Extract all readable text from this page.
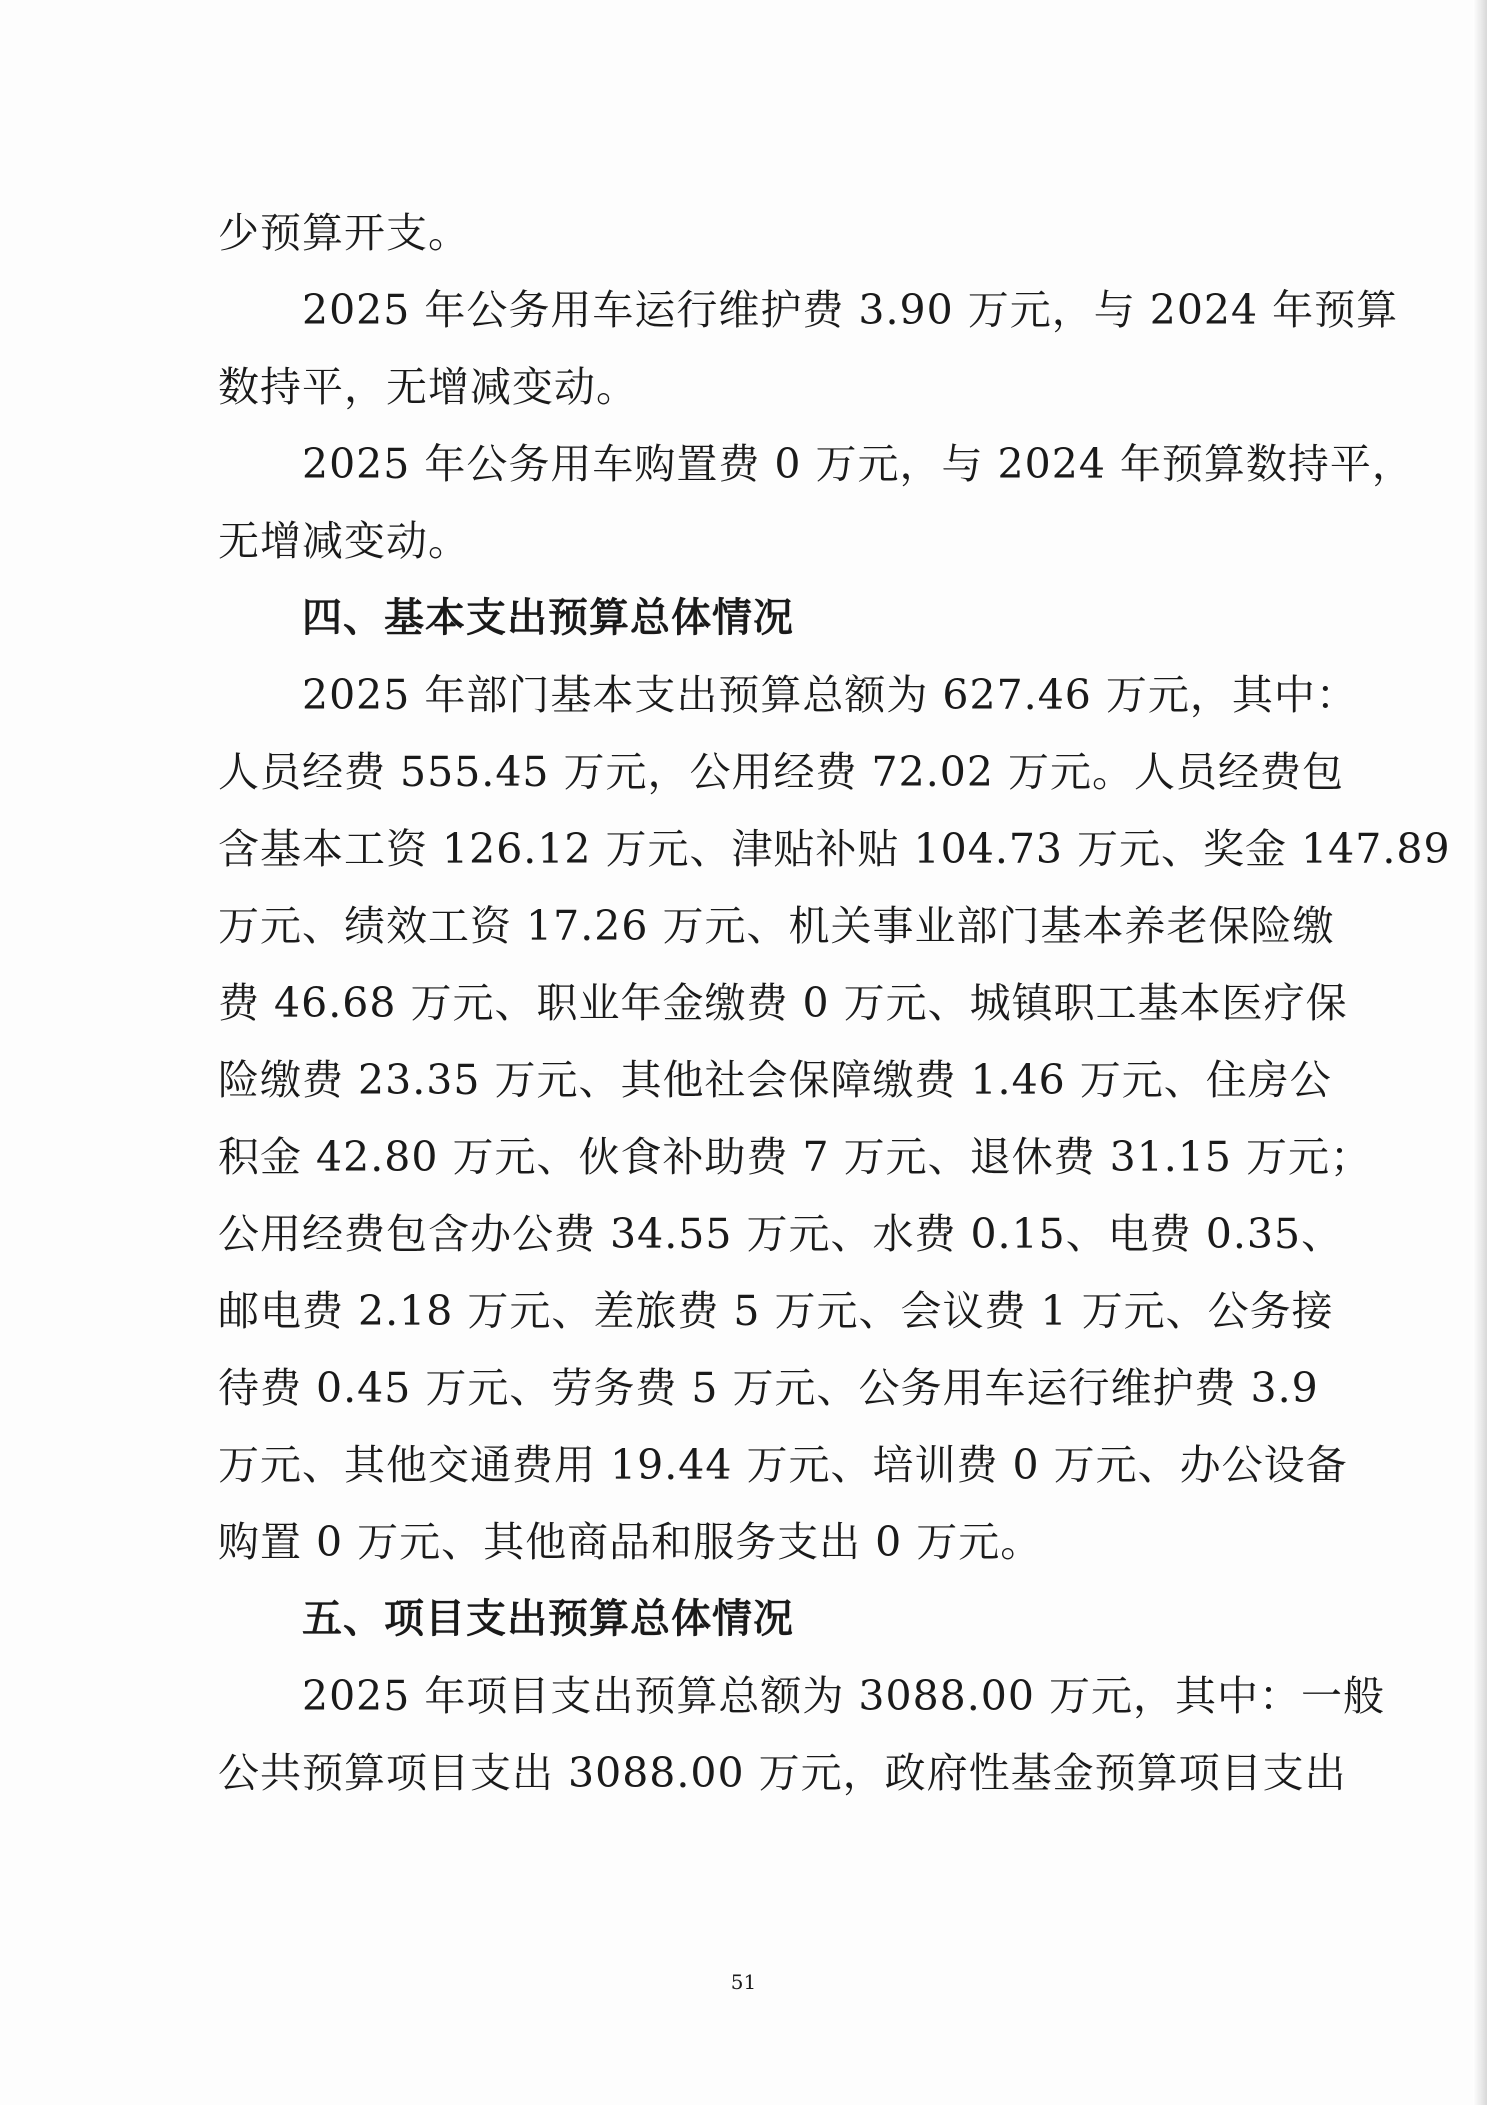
少预算开支。
2025 年公务用车运行维护费 3.90 万元，与 2024 年预算
数持平，无增减变动。
2025 年公务用车购置费 0 万元，与 2024 年预算数持平，
无增减变动。
四、基本支出预算总体情况
2025 年部门基本支出预算总额为 627.46 万元，其中：
人员经费 555.45 万元，公用经费 72.02 万元。人员经费包
含基本工资 126.12 万元、津贴补贴 104.73 万元、奖金 147.89
万元、绩效工资 17.26 万元、机关事业部门基本养老保险缴
费 46.68 万元、职业年金缴费 0 万元、城镇职工基本医疗保
险缴费 23.35 万元、其他社会保障缴费 1.46 万元、住房公
积金 42.80 万元、伙食补助费 7 万元、退休费 31.15 万元；
公用经费包含办公费 34.55 万元、水费 0.15、电费 0.35、
邮电费 2.18 万元、差旅费 5 万元、会议费 1 万元、公务接
待费 0.45 万元、劳务费 5 万元、公务用车运行维护费 3.9
万元、其他交通费用 19.44 万元、培训费 0 万元、办公设备
购置 0 万元、其他商品和服务支出 0 万元。
五、项目支出预算总体情况
2025 年项目支出预算总额为 3088.00 万元，其中：一般
公共预算项目支出 3088.00 万元，政府性基金预算项目支出
51
